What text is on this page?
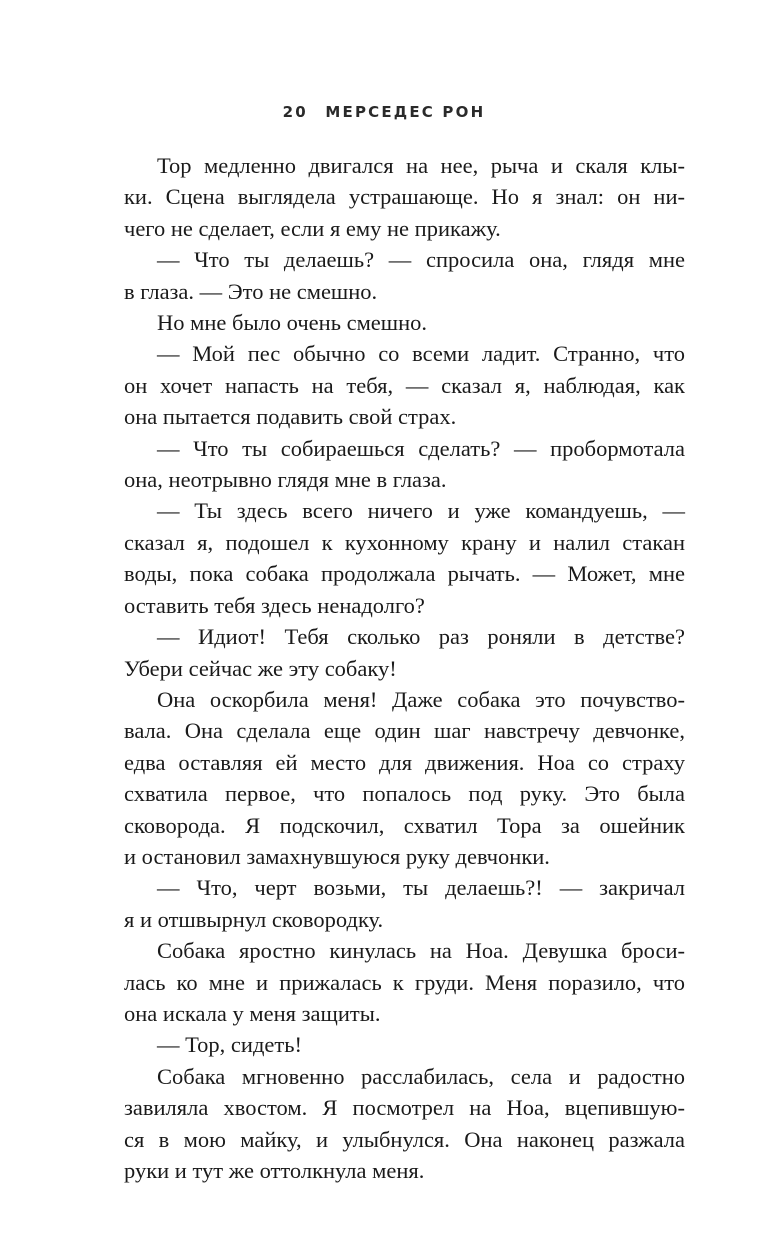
20 МЕРСЕДЕС РОН
Тор медленно двигался на нее, рыча и скаля клы-
ки. Сцена выглядела устрашающе. Но я знал: он ни-
чего не сделает, если я ему не прикажу.
— Что ты делаешь? — спросила она, глядя мне
в глаза. — Это не смешно.
Но мне было очень смешно.
— Мой пес обычно со всеми ладит. Странно, что
он хочет напасть на тебя, — сказал я, наблюдая, как
она пытается подавить свой страх.
— Что ты собираешься сделать? — пробормотала
она, неотрывно глядя мне в глаза.
— Ты здесь всего ничего и уже командуешь, —
сказал я, подошел к кухонному крану и налил стакан
воды, пока собака продолжала рычать. — Может, мне
оставить тебя здесь ненадолго?
— Идиот! Тебя сколько раз роняли в детстве?
Убери сейчас же эту собаку!
Она оскорбила меня! Даже собака это почувство-
вала. Она сделала еще один шаг навстречу девчонке,
едва оставляя ей место для движения. Ноа со страху
схватила первое, что попалось под руку. Это была
сковорода. Я подскочил, схватил Тора за ошейник
и остановил замахнувшуюся руку девчонки.
— Что, черт возьми, ты делаешь?! — закричал
я и отшвырнул сковородку.
Собака яростно кинулась на Ноа. Девушка броси-
лась ко мне и прижалась к груди. Меня поразило, что
она искала у меня защиты.
— Тор, сидеть!
Собака мгновенно расслабилась, села и радостно
завиляла хвостом. Я посмотрел на Ноа, вцепившую-
ся в мою майку, и улыбнулся. Она наконец разжала
руки и тут же оттолкнула меня.
